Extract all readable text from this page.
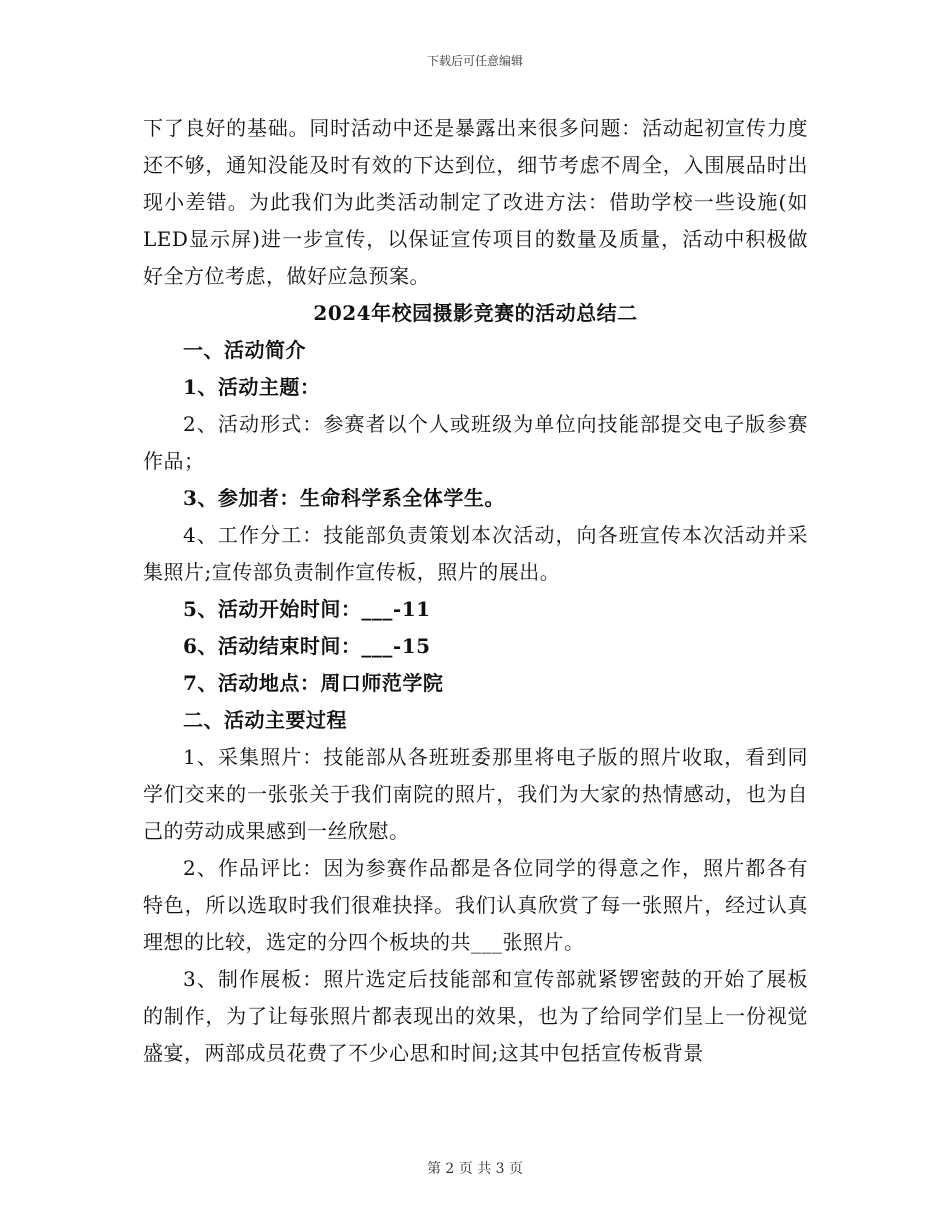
下载后可任意编辑

下了良好的基础。同时活动中还是暴露出来很多问题：活动起初宣传力度还不够，通知没能及时有效的下达到位，细节考虑不周全，入围展品时出现小差错。为此我们为此类活动制定了改进方法：借助学校一些设施(如LED显示屏)进一步宣传，以保证宣传项目的数量及质量，活动中积极做好全方位考虑，做好应急预案。

2024年校园摄影竞赛的活动总结二

一、活动简介

1、活动主题：

2、活动形式：参赛者以个人或班级为单位向技能部提交电子版参赛作品；

3、参加者：生命科学系全体学生。

4、工作分工：技能部负责策划本次活动，向各班宣传本次活动并采集照片;宣传部负责制作宣传板，照片的展出。

5、活动开始时间：___-11

6、活动结束时间：___-15

7、活动地点：周口师范学院

二、活动主要过程

1、采集照片：技能部从各班班委那里将电子版的照片收取，看到同学们交来的一张张关于我们南院的照片，我们为大家的热情感动，也为自己的劳动成果感到一丝欣慰。

2、作品评比：因为参赛作品都是各位同学的得意之作，照片都各有特色，所以选取时我们很难抉择。我们认真欣赏了每一张照片，经过认真理想的比较，选定的分四个板块的共___张照片。

3、制作展板：照片选定后技能部和宣传部就紧锣密鼓的开始了展板的制作，为了让每张照片都表现出的效果，也为了给同学们呈上一份视觉盛宴，两部成员花费了不少心思和时间;这其中包括宣传板背景

第 2 页 共 3 页
